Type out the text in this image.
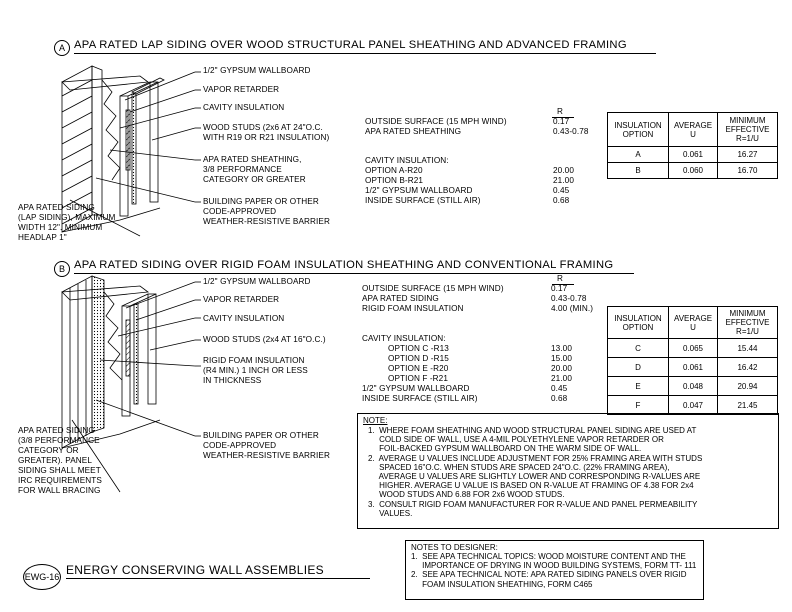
A APA RATED LAP SIDING OVER WOOD STRUCTURAL PANEL SHEATHING AND ADVANCED FRAMING
1/2" GYPSUM WALLBOARD
VAPOR RETARDER
CAVITY INSULATION
WOOD STUDS (2x6 AT 24"O.C.
WITH R19 OR R21 INSULATION)
APA RATED SHEATHING,
3/8 PERFORMANCE
CATEGORY OR GREATER
BUILDING PAPER OR OTHER
CODE-APPROVED
WEATHER-RESISTIVE BARRIER
APA RATED SIDING
(LAP SIDING), MAXIMUM
WIDTH 12". MINIMUM
HEADLAP 1"
R
OUTSIDE SURFACE (15 MPH WIND)	0.17
APA RATED SHEATHING	0.43-0.78
CAVITY INSULATION:
OPTION A-R20	20.00
OPTION B-R21	21.00
1/2" GYPSUM WALLBOARD	0.45
INSIDE SURFACE (STILL AIR)	0.68
INSULATION OPTION	AVERAGE U	MINIMUM EFFECTIVE R=1/U
A	0.061	16.27
B	0.060	16.70
B APA RATED SIDING OVER RIGID FOAM INSULATION SHEATHING AND CONVENTIONAL FRAMING
1/2" GYPSUM WALLBOARD
VAPOR RETARDER
CAVITY INSULATION
WOOD STUDS (2x4 AT 16"O.C.)
RIGID FOAM INSULATION
(R4 MIN.) 1 INCH OR LESS
IN THICKNESS
BUILDING PAPER OR OTHER
CODE-APPROVED
WEATHER-RESISTIVE BARRIER
APA RATED SIDING
(3/8 PERFORMANCE
CATEGORY OR
GREATER). PANEL
SIDING SHALL MEET
IRC REQUIREMENTS
FOR WALL BRACING
R
OUTSIDE SURFACE (15 MPH WIND)	0.17
APA RATED SIDING	0.43-0.78
RIGID FOAM INSULATION	4.00 (MIN.)
CAVITY INSULATION:
OPTION C -R13	13.00
OPTION D -R15	15.00
OPTION E -R20	20.00
OPTION F -R21	21.00
1/2" GYPSUM WALLBOARD	0.45
INSIDE SURFACE (STILL AIR)	0.68
INSULATION OPTION	AVERAGE U	MINIMUM EFFECTIVE R=1/U
C	0.065	15.44
D	0.061	16.42
E	0.048	20.94
F	0.047	21.45
NOTE:
1.  WHERE FOAM SHEATHING AND WOOD STRUCTURAL PANEL SIDING ARE USED AT
COLD SIDE OF WALL, USE A 4-MIL POLYETHYLENE VAPOR RETARDER OR
FOIL-BACKED GYPSUM WALLBOARD ON THE WARM SIDE OF WALL.
2.  AVERAGE U VALUES INCLUDE ADJUSTMENT FOR 25% FRAMING AREA WITH STUDS
SPACED 16"O.C. WHEN STUDS ARE SPACED 24"O.C. (22% FRAMING AREA),
AVERAGE U VALUES ARE SLIGHTLY LOWER AND CORRESPONDING R-VALUES ARE
HIGHER. AVERAGE U VALUE IS BASED ON R-VALUE AT FRAMING OF 4.38 FOR 2x4
WOOD STUDS AND 6.88 FOR 2x6 WOOD STUDS.
3.  CONSULT RIGID FOAM MANUFACTURER FOR R-VALUE AND PANEL PERMEABILITY
VALUES.
NOTES TO DESIGNER:
1.  SEE APA TECHNICAL TOPICS: WOOD MOISTURE CONTENT AND THE
IMPORTANCE OF DRYING IN WOOD BUILDING SYSTEMS, FORM TT- 111
2.  SEE APA TECHNICAL NOTE: APA RATED SIDING PANELS OVER RIGID
FOAM INSULATION SHEATHING, FORM C465
EWG-16 ENERGY CONSERVING WALL ASSEMBLIES
